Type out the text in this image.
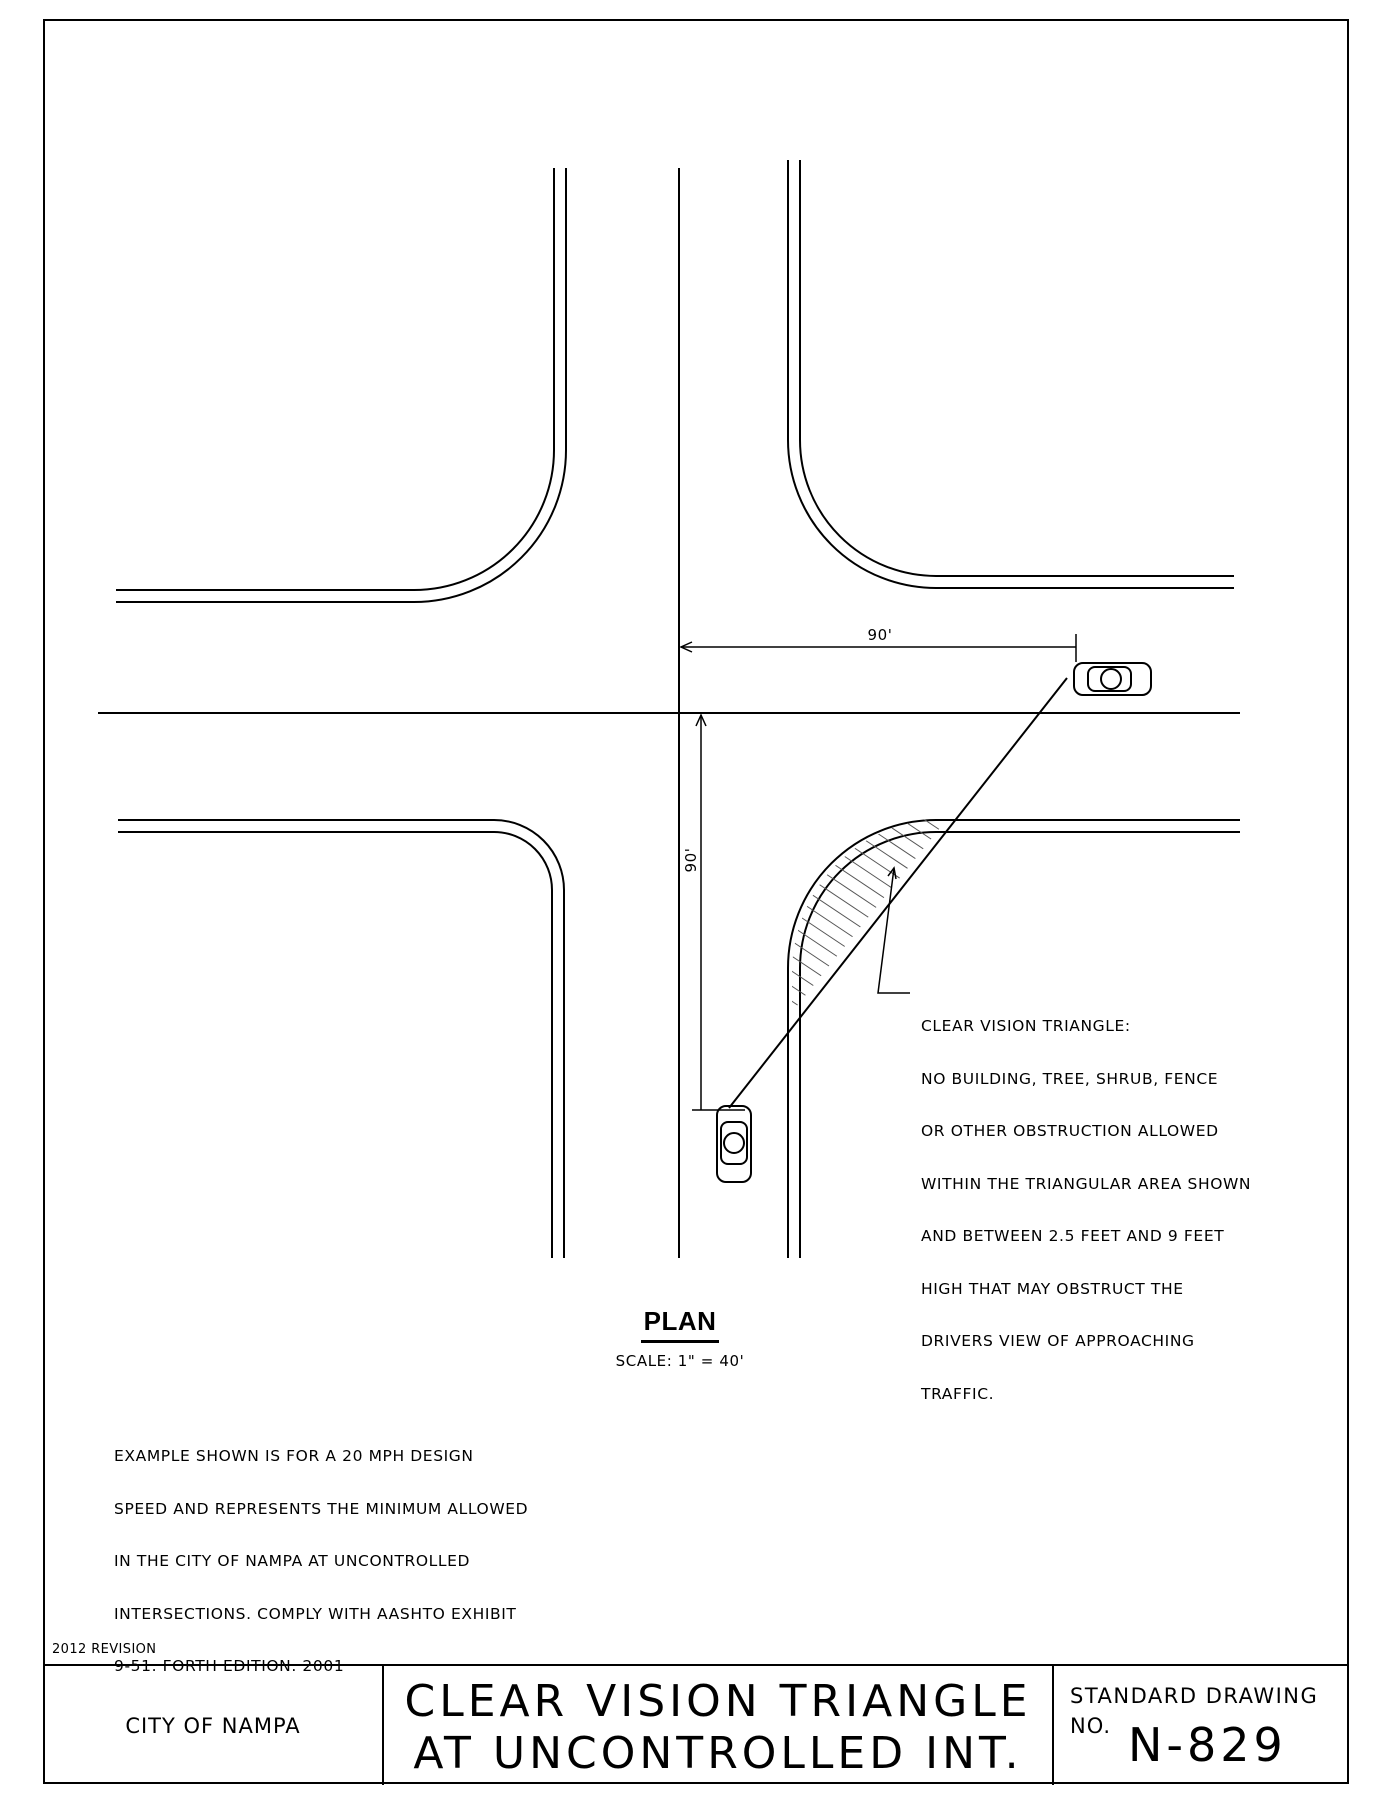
90'
90'

CLEAR VISION TRIANGLE:

NO BUILDING, TREE, SHRUB, FENCE

OR OTHER OBSTRUCTION ALLOWED

WITHIN THE TRIANGULAR AREA SHOWN

AND BETWEEN 2.5 FEET AND 9 FEET

HIGH THAT MAY OBSTRUCT THE

DRIVERS VIEW OF APPROACHING

TRAFFIC.

PLAN
SCALE: 1" = 40'

EXAMPLE SHOWN IS FOR A 20 MPH DESIGN

SPEED AND REPRESENTS THE MINIMUM ALLOWED

IN THE CITY OF NAMPA AT UNCONTROLLED

INTERSECTIONS. COMPLY WITH AASHTO EXHIBIT

9-51. FORTH EDITION. 2001

2012 REVISION
CITY OF NAMPA	CLEAR VISION TRIANGLE
AT UNCONTROLLED INT.
STANDARD DRAWING
NO. N-829
